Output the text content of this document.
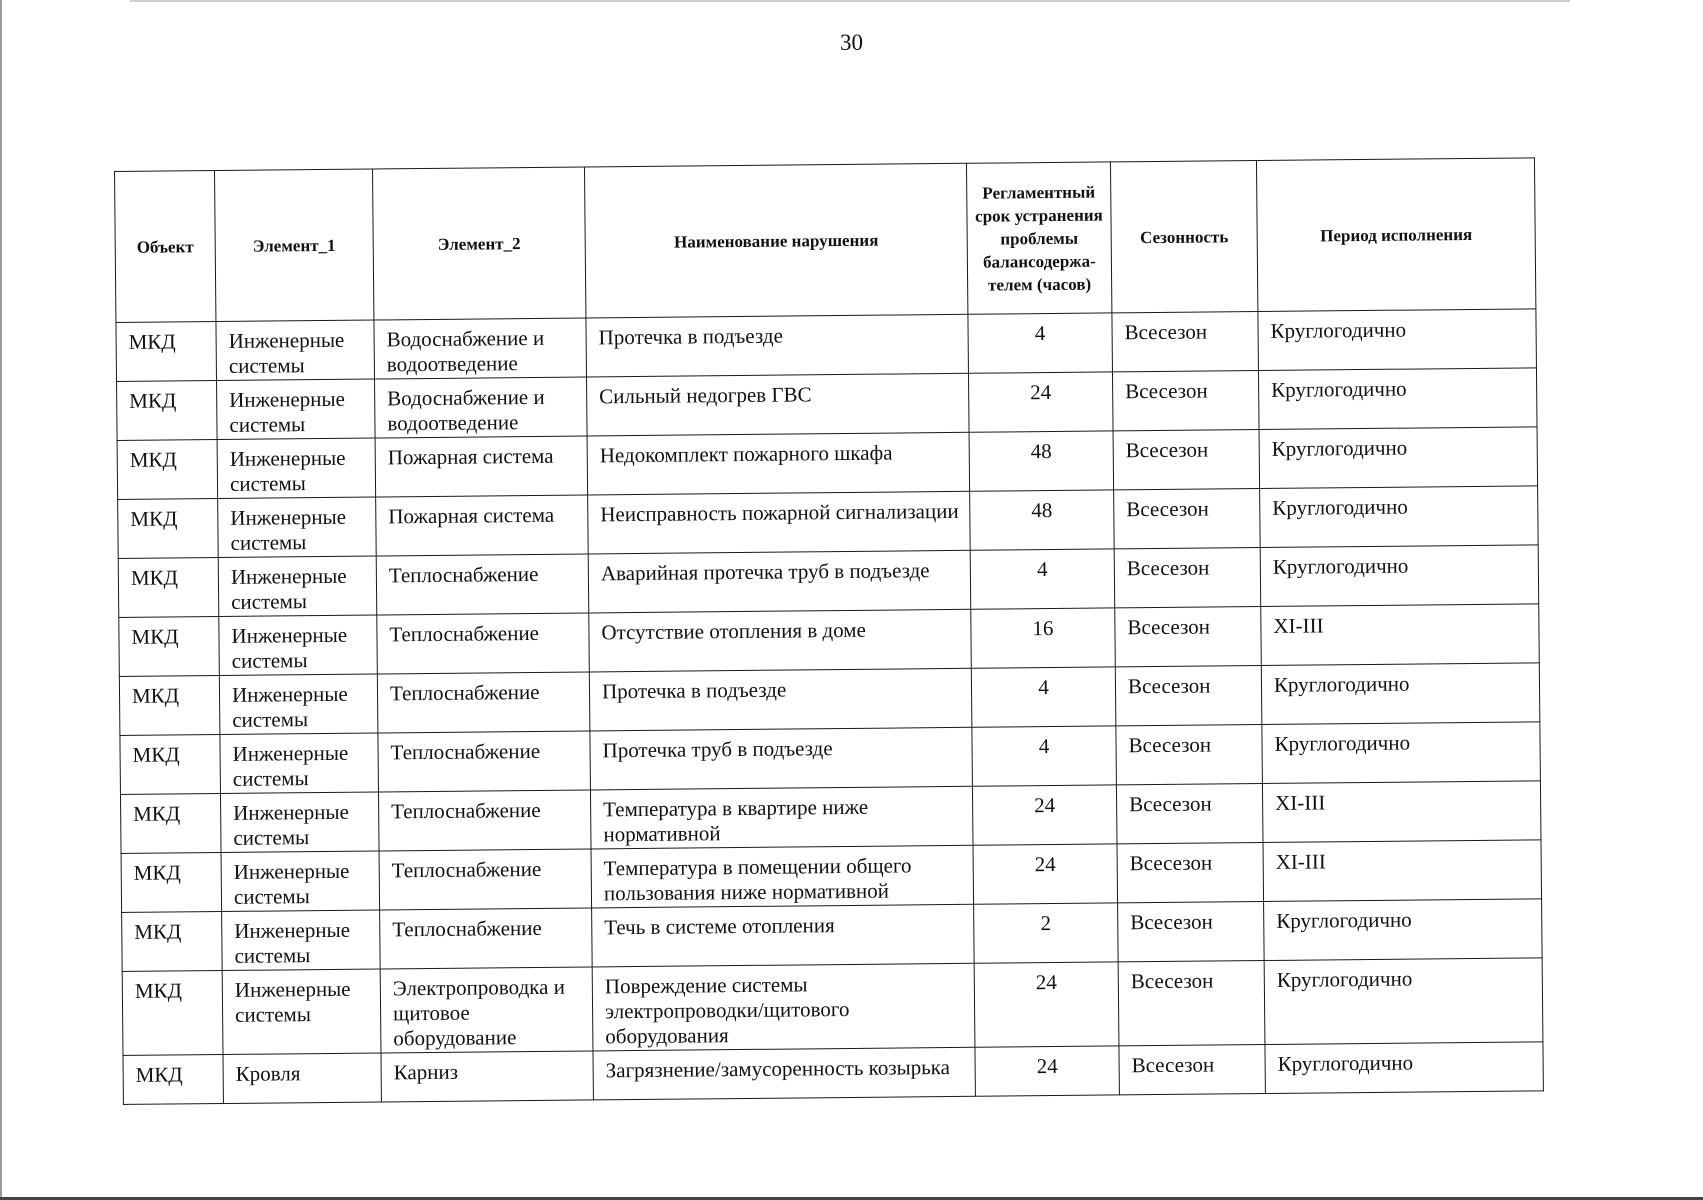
30
Объект	Элемент_1	Элемент_2	Наименование нарушения	Регламентный срок устранения проблемы балансодержа-телем (часов)	Сезонность	Период исполнения
МКД	Инженерные системы	Водоснабжение и водоотведение	Протечка в подъезде	4	Всесезон	Круглогодично
МКД	Инженерные системы	Водоснабжение и водоотведение	Сильный недогрев ГВС	24	Всесезон	Круглогодично
МКД	Инженерные системы	Пожарная система	Недокомплект пожарного шкафа	48	Всесезон	Круглогодично
МКД	Инженерные системы	Пожарная система	Неисправность пожарной сигнализации	48	Всесезон	Круглогодично
МКД	Инженерные системы	Теплоснабжение	Аварийная протечка труб в подъезде	4	Всесезон	Круглогодично
МКД	Инженерные системы	Теплоснабжение	Отсутствие отопления в доме	16	Всесезон	XI-III
МКД	Инженерные системы	Теплоснабжение	Протечка в подъезде	4	Всесезон	Круглогодично
МКД	Инженерные системы	Теплоснабжение	Протечка труб в подъезде	4	Всесезон	Круглогодично
МКД	Инженерные системы	Теплоснабжение	Температура в квартире ниже нормативной	24	Всесезон	XI-III
МКД	Инженерные системы	Теплоснабжение	Температура в помещении общего пользования ниже нормативной	24	Всесезон	XI-III
МКД	Инженерные системы	Теплоснабжение	Течь в системе отопления	2	Всесезон	Круглогодично
МКД	Инженерные системы	Электропроводка и щитовое оборудование	Повреждение системы электропроводки/щитового оборудования	24	Всесезон	Круглогодично
МКД	Кровля	Карниз	Загрязнение/замусоренность козырька	24	Всесезон	Круглогодично
